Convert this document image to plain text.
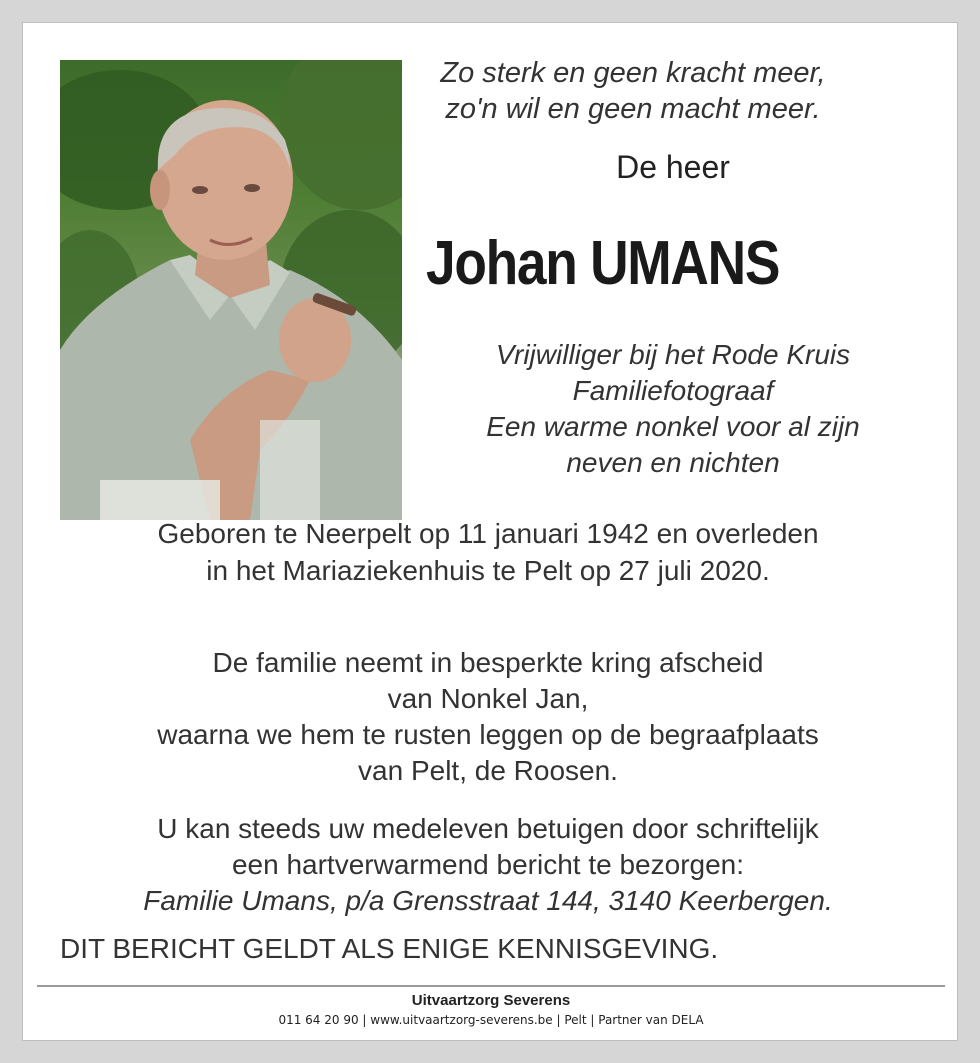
Zo sterk en geen kracht meer,
zo'n wil en geen macht meer.
De heer
Johan UMANS
Vrijwilliger bij het Rode Kruis
Familiefotograaf
Een warme nonkel voor al zijn
neven en nichten
Geboren te Neerpelt op 11 januari 1942 en overleden
in het Mariaziekenhuis te Pelt op 27 juli 2020.
De familie neemt in besperkte kring afscheid
van Nonkel Jan,
waarna we hem te rusten leggen op de begraafplaats
van Pelt, de Roosen.
U kan steeds uw medeleven betuigen door schriftelijk
een hartverwarmend bericht te bezorgen:
Familie Umans, p/a Grensstraat 144, 3140 Keerbergen.
DIT BERICHT GELDT ALS ENIGE KENNISGEVING.
Uitvaartzorg Severens
011 64 20 90 | www.uitvaartzorg-severens.be | Pelt | Partner van DELA
